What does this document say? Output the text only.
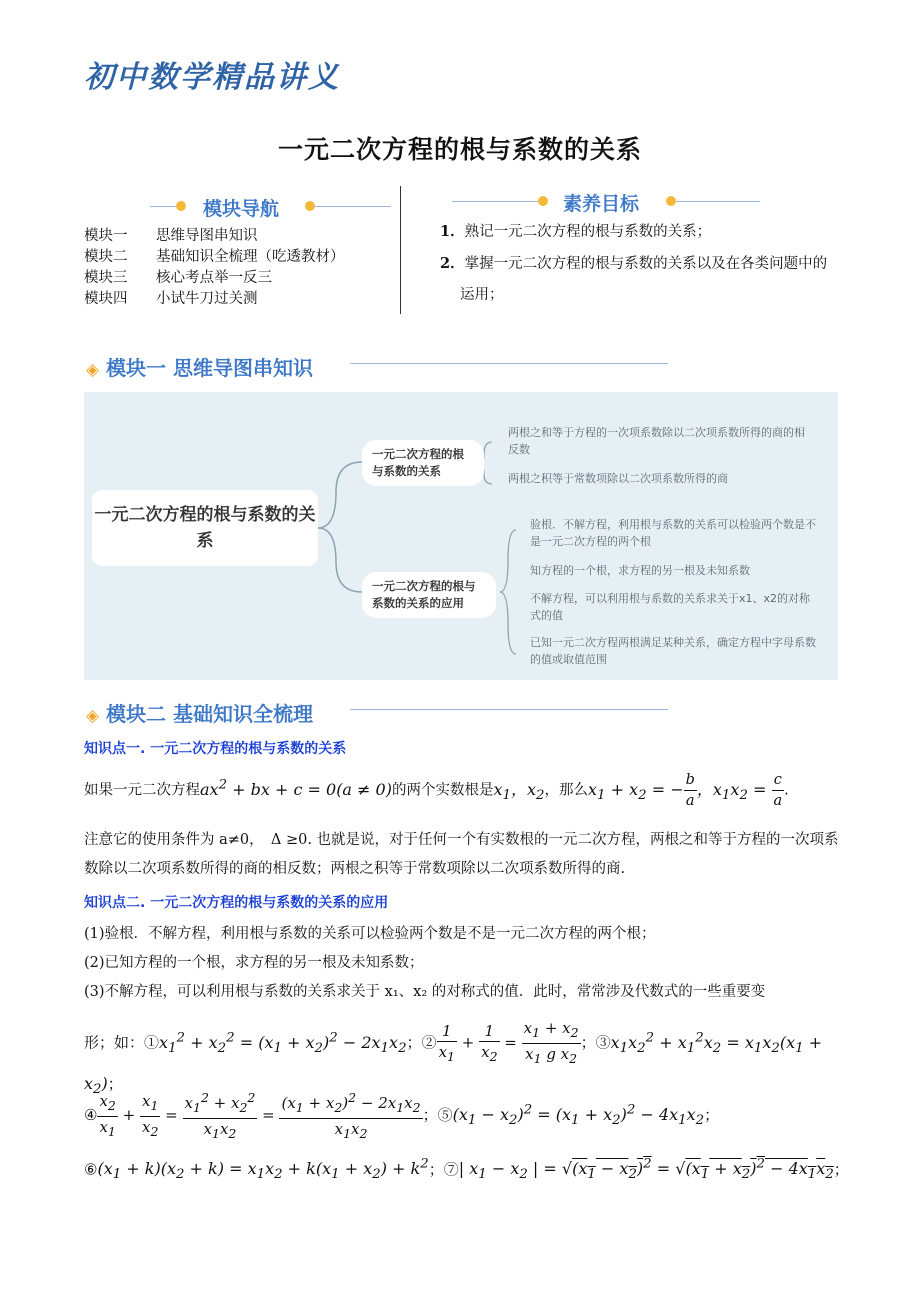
初中数学精品讲义
一元二次方程的根与系数的关系
模块导航
模块一 思维导图串知识
模块二 基础知识全梳理（吃透教材）
模块三 核心考点举一反三
模块四 小试牛刀过关测
素养目标
1．熟记一元二次方程的根与系数的关系；
2．掌握一元二次方程的根与系数的关系以及在各类问题中的运用；
◈ 模块一 思维导图串知识
一元二次方程的根与系数的关系
一元二次方程的根与系数的关系
一元二次方程的根与系数的关系的应用
两根之和等于方程的一次项系数除以二次项系数所得的商的相反数
两根之积等于常数项除以二次项系数所得的商
验根．不解方程，利用根与系数的关系可以检验两个数是不是一元二次方程的两个根
知方程的一个根，求方程的另一根及未知系数
不解方程，可以利用根与系数的关系求关于x1、x2的对称式的值
已知一元二次方程两根满足某种关系，确定方程中字母系数的值或取值范围
◈ 模块二 基础知识全梳理
知识点一. 一元二次方程的根与系数的关系
如果一元二次方程$ax^2$ + bx + c = 0(a ≠ 0)的两个实数根是$x_1$，$x_2$，那么$x_1 + x_2$ = − $\frac{b}{a}$ ，$x_1x_2 = \frac{c}{a}$ .
注意它的使用条件为 a≠0，　Δ ≥0. 也就是说，对于任何一个有实数根的一元二次方程，两根之和等于方程的一次项系数除以二次项系数所得的商的相反数；两根之积等于常数项除以二次项系数所得的商.
知识点二. 一元二次方程的根与系数的关系的应用
(1)验根．不解方程，利用根与系数的关系可以检验两个数是不是一元二次方程的两个根；
(2)已知方程的一个根，求方程的另一根及未知系数；
(3)不解方程，可以利用根与系数的关系求关于 x₁、x₂ 的对称式的值．此时，常常涉及代数式的一些重要变
形；如：$①x_1^2 + x_2^2 = (x_1 + x_2)^2 - 2x_1x_2$；② $\frac{1}{x_1} + \frac{1}{x_2} = \frac{x_1 + x_2}{x_1 g x_2}$ ；$③x_1x_2^2 + x_1^2x_2 = x_1x_2(x_1 + x_2)$；
④ $\frac{x_2}{x_1} + \frac{x_1}{x_2} = \frac{x_1^2 + x_2^2}{x_1x_2} = \frac{(x_1 + x_2)^2 - 2x_1x_2}{x_1x_2}$ ；$⑤(x_1 - x_2)^2 = (x_1 + x_2)^2 - 4x_1x_2$；
$⑥(x_1 + k)(x_2 + k) = x_1x_2 + k(x_1 + x_2) + k^2$；⑦| $x_1 - x_2$ | = $√(x_1 - x_2)^2 = √(x_1 + x_2)^2 - 4x_1x_2$；
